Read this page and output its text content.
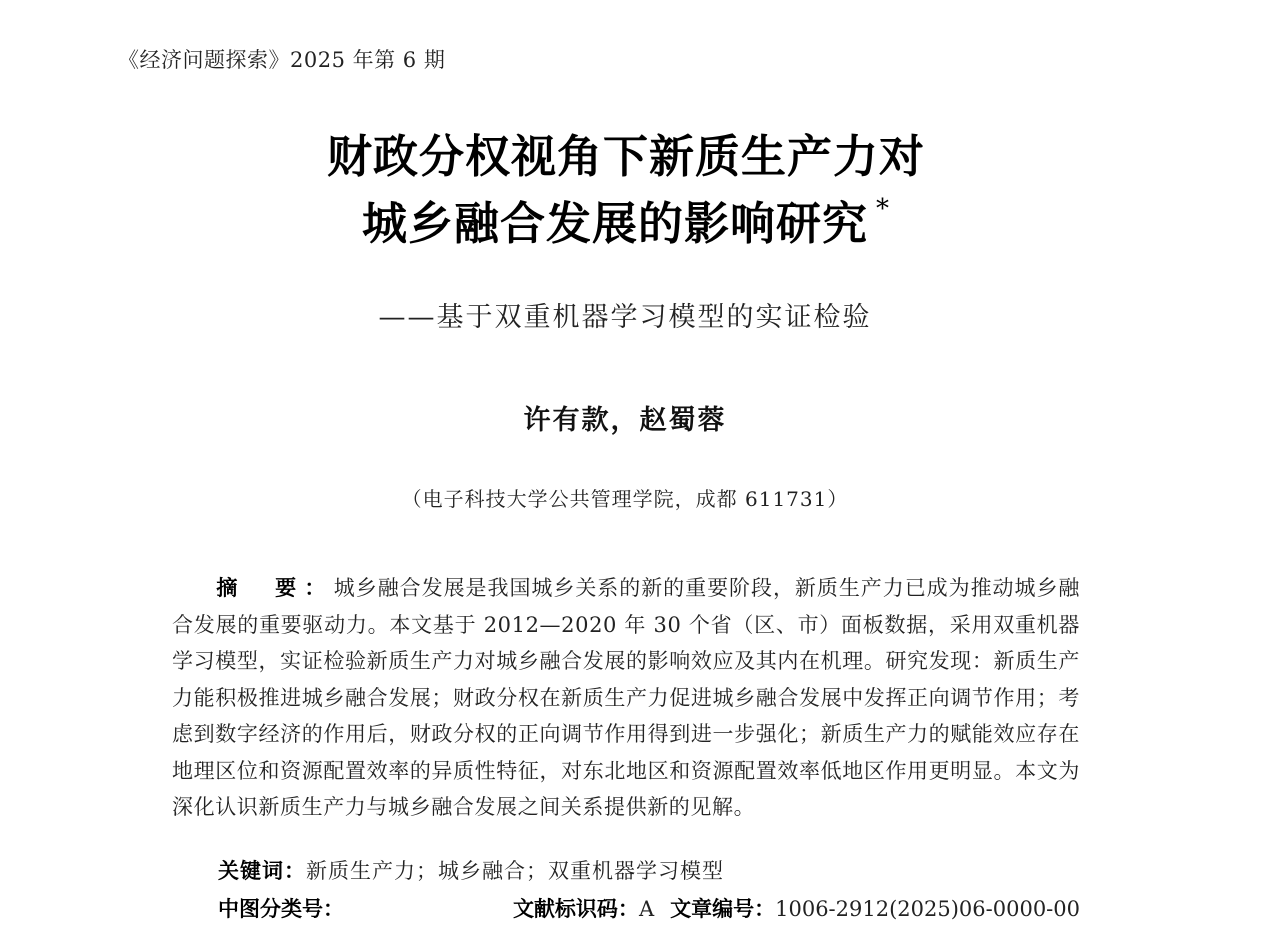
《经济问题探索》2025 年第 6 期
财政分权视角下新质生产力对
城乡融合发展的影响研究 *
——基于双重机器学习模型的实证检验
许有款，赵蜀蓉
（电子科技大学公共管理学院，成都 611731）

摘　要：城乡融合发展是我国城乡关系的新的重要阶段，新质生产力已成为推动城乡融合发展的重要驱动力。本文基于 2012—2020 年 30 个省（区、市）面板数据，采用双重机器学习模型，实证检验新质生产力对城乡融合发展的影响效应及其内在机理。研究发现：新质生产力能积极推进城乡融合发展；财政分权在新质生产力促进城乡融合发展中发挥正向调节作用；考虑到数字经济的作用后，财政分权的正向调节作用得到进一步强化；新质生产力的赋能效应存在地理区位和资源配置效率的异质性特征，对东北地区和资源配置效率低地区作用更明显。本文为深化认识新质生产力与城乡融合发展之间关系提供新的见解。

关键词：新质生产力；城乡融合；双重机器学习模型
中图分类号：	文献标识码：A 文章编号：1006-2912(2025)06-0000-00
